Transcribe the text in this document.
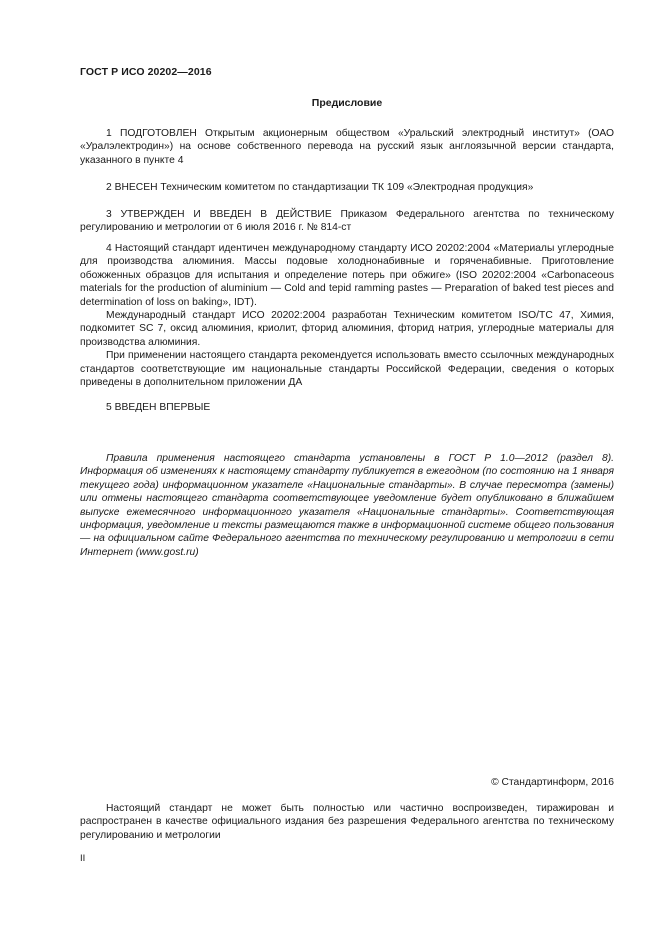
ГОСТ Р ИСО 20202—2016
Предисловие

1 ПОДГОТОВЛЕН Открытым акционерным обществом «Уральский электродный институт» (ОАО «Уралэлектродин») на основе собственного перевода на русский язык англоязычной версии стандарта, указанного в пункте 4

2 ВНЕСЕН Техническим комитетом по стандартизации ТК 109 «Электродная продукция»

3 УТВЕРЖДЕН И ВВЕДЕН В ДЕЙСТВИЕ Приказом Федерального агентства по техническому регулированию и метрологии от 6 июля 2016 г. № 814-ст

4 Настоящий стандарт идентичен международному стандарту ИСО 20202:2004 «Материалы углеродные для производства алюминия. Массы подовые холоднонабивные и горяченабивные. Приготовление обожженных образцов для испытания и определение потерь при обжиге» (ISO 20202:2004 «Carbonaceous materials for the production of aluminium — Cold and tepid ramming pastes — Preparation of baked test pieces and determination of loss on baking», IDT).

Международный стандарт ИСО 20202:2004 разработан Техническим комитетом ISO/TC 47, Химия, подкомитет SC 7, оксид алюминия, криолит, фторид алюминия, фторид натрия, углеродные материалы для производства алюминия.

При применении настоящего стандарта рекомендуется использовать вместо ссылочных международных стандартов соответствующие им национальные стандарты Российской Федерации, сведения о которых приведены в дополнительном приложении ДА

5 ВВЕДЕН ВПЕРВЫЕ

Правила применения настоящего стандарта установлены в ГОСТ Р 1.0—2012 (раздел 8). Информация об изменениях к настоящему стандарту публикуется в ежегодном (по состоянию на 1 января текущего года) информационном указателе «Национальные стандарты». В случае пересмотра (замены) или отмены настоящего стандарта соответствующее уведомление будет опубликовано в ближайшем выпуске ежемесячного информационного указателя «Национальные стандарты». Соответствующая информация, уведомление и тексты размещаются также в информационной системе общего пользования — на официальном сайте Федерального агентства по техническому регулированию и метрологии в сети Интернет (www.gost.ru)

© Стандартинформ, 2016

Настоящий стандарт не может быть полностью или частично воспроизведен, тиражирован и распространен в качестве официального издания без разрешения Федерального агентства по техническому регулированию и метрологии

II
